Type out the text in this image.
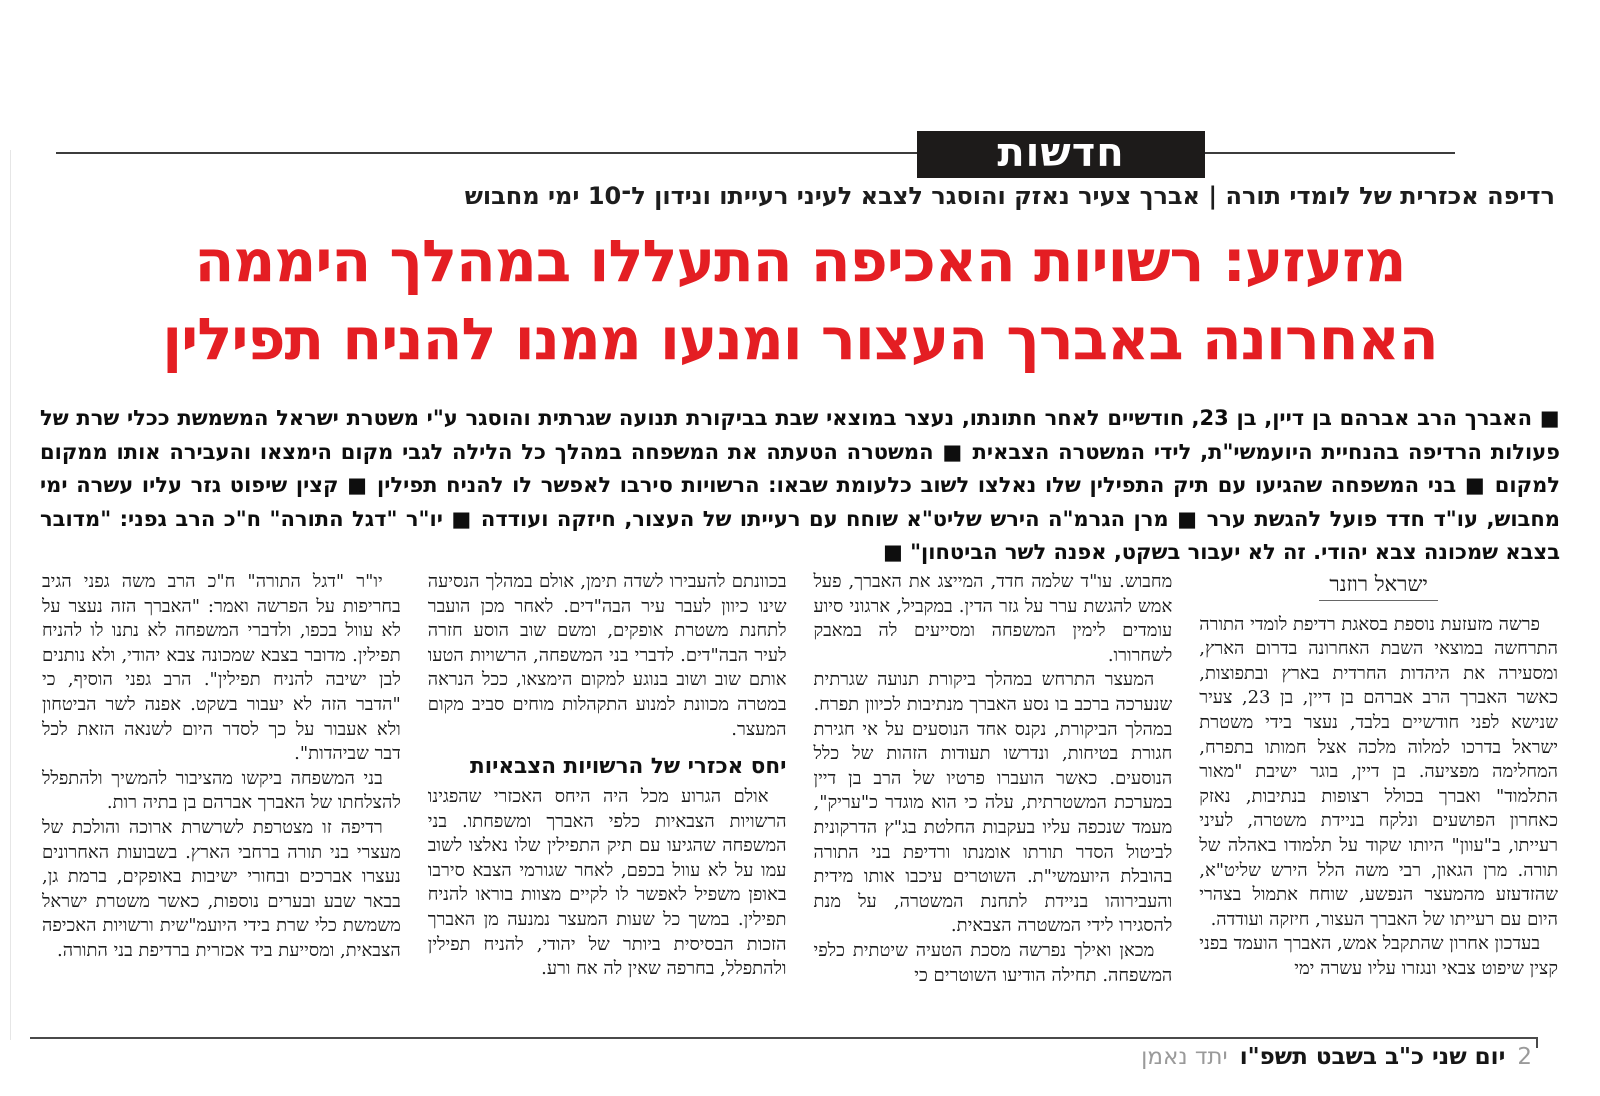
חדשות
רדיפה אכזרית של לומדי תורה | אברך צעיר נאזק והוסגר לצבא לעיני רעייתו ונידון ל־10 ימי מחבוש
מזעזע: רשויות האכיפה התעללו במהלך היממה
האחרונה באברך העצור ומנעו ממנו להניח תפילין

■ האברך הרב אברהם בן דיין, בן 23, חודשיים לאחר חתונתו, נעצר במוצאי שבת בביקורת תנועה שגרתית והוסגר ע"י משטרת ישראל המשמשת ככלי שרת של פעולות הרדיפה בהנחיית היועמשי"ת, לידי המשטרה הצבאית ■ המשטרה הטעתה את המשפחה במהלך כל הלילה לגבי מקום הימצאו והעבירה אותו ממקום למקום ■ בני המשפחה שהגיעו עם תיק התפילין שלו נאלצו לשוב כלעומת שבאו: הרשויות סירבו לאפשר לו להניח תפילין ■ קצין שיפוט גזר עליו עשרה ימי מחבוש, עו"ד חדד פועל להגשת ערר ■ מרן הגרמ"ה הירש שליט"א שוחח עם רעייתו של העצור, חיזקה ועודדה ■ יו"ר "דגל התורה" ח"כ הרב גפני: "מדובר בצבא שמכונה צבא יהודי. זה לא יעבור בשקט, אפנה לשר הביטחון" ■

ישראל רוזנר

פרשה מזעזעת נוספת בסאגת רדיפת לומדי התורה התרחשה במוצאי השבת האחרונה בדרום הארץ, ומסעירה את היהדות החרדית בארץ ובתפוצות, כאשר האברך הרב אברהם בן דיין, בן 23, צעיר שנישא לפני חודשיים בלבד, נעצר בידי משטרת ישראל בדרכו למלוה מלכה אצל חמותו בתפרח, המחלימה מפציעה. בן דיין, בוגר ישיבת "מאור התלמוד" ואברך בכולל רצופות בנתיבות, נאזק כאחרון הפושעים ונלקח בניידת משטרה, לעיני רעייתו, ב"עוון" היותו שקוד על תלמודו באהלה של תורה. מרן הגאון, רבי משה הלל הירש שליט"א, שהזדעזע מהמעצר הנפשע, שוחח אתמול בצהרי היום עם רעייתו של האברך העצור, חיזקה ועודדה.

בעדכון אחרון שהתקבל אמש, האברך הועמד בפני קצין שיפוט צבאי ונגזרו עליו עשרה ימי

מחבוש. עו"ד שלמה חדד, המייצג את האברך, פעל אמש להגשת ערר על גזר הדין. במקביל, ארגוני סיוע עומדים לימין המשפחה ומסייעים לה במאבק לשחרורו.

המעצר התרחש במהלך ביקורת תנועה שגרתית שנערכה ברכב בו נסע האברך מנתיבות לכיוון תפרח. במהלך הביקורת, נקנס אחד הנוסעים על אי חגירת חגורת בטיחות, ונדרשו תעודות הזהות של כלל הנוסעים. כאשר הועברו פרטיו של הרב בן דיין במערכת המשטרתית, עלה כי הוא מוגדר כ"עריק", מעמד שנכפה עליו בעקבות החלטת בג"ץ הדרקונית לביטול הסדר תורתו אומנתו ורדיפת בני התורה בהובלת היועמשי"ת. השוטרים עיכבו אותו מידית והעבירוהו בניידת לתחנת המשטרה, על מנת להסגירו לידי המשטרה הצבאית.

מכאן ואילך נפרשה מסכת הטעיה שיטתית כלפי המשפחה. תחילה הודיעו השוטרים כי

בכוונתם להעבירו לשדה תימן, אולם במהלך הנסיעה שינו כיוון לעבר עיר הבה"דים. לאחר מכן הועבר לתחנת משטרת אופקים, ומשם שוב הוסע חזרה לעיר הבה"דים. לדברי בני המשפחה, הרשויות הטעו אותם שוב ושוב בנוגע למקום הימצאו, ככל הנראה במטרה מכוונת למנוע התקהלות מוחים סביב מקום המעצר.

יחס אכזרי של הרשויות הצבאיות

אולם הגרוע מכל היה היחס האכזרי שהפגינו הרשויות הצבאיות כלפי האברך ומשפחתו. בני המשפחה שהגיעו עם תיק התפילין שלו נאלצו לשוב עמו על לא עוול בכפם, לאחר שגורמי הצבא סירבו באופן משפיל לאפשר לו לקיים מצוות בוראו להניח תפילין. במשך כל שעות המעצר נמנעה מן האברך הזכות הבסיסית ביותר של יהודי, להניח תפילין ולהתפלל, בחרפה שאין לה אח ורע.

יו"ר "דגל התורה" ח"כ הרב משה גפני הגיב בחריפות על הפרשה ואמר: "האברך הזה נעצר על לא עוול בכפו, ולדברי המשפחה לא נתנו לו להניח תפילין. מדובר בצבא שמכונה צבא יהודי, ולא נותנים לבן ישיבה להניח תפילין". הרב גפני הוסיף, כי "הדבר הזה לא יעבור בשקט. אפנה לשר הביטחון ולא אעבור על כך לסדר היום לשנאה הזאת לכל דבר שביהדות".

בני המשפחה ביקשו מהציבור להמשיך ולהתפלל להצלחתו של האברך אברהם בן בתיה רות.

רדיפה זו מצטרפת לשרשרת ארוכה והולכת של מעצרי בני תורה ברחבי הארץ. בשבועות האחרונים נעצרו אברכים ובחורי ישיבות באופקים, ברמת גן, בבאר שבע ובערים נוספות, כאשר משטרת ישראל משמשת כלי שרת בידי היועמ"שית ורשויות האכיפה הצבאית, ומסייעת ביד אכזרית ברדיפת בני התורה.

2
יום שני כ"ב בשבט תשפ"ו
יתד נאמן
